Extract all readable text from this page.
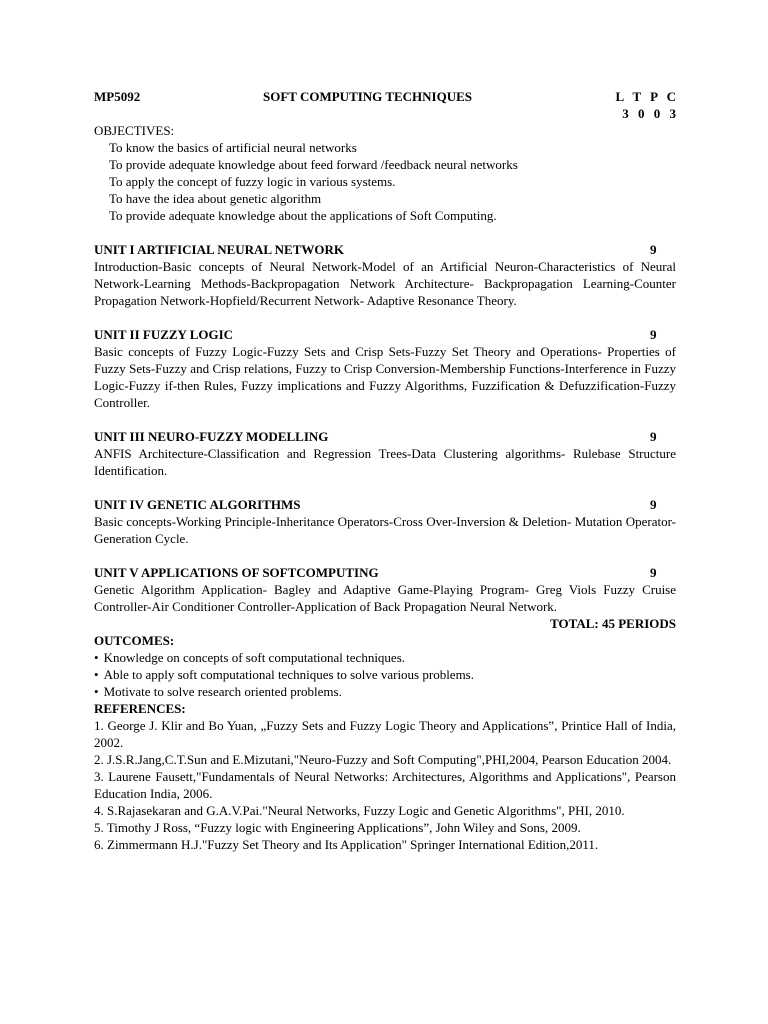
MP5092	SOFT COMPUTING TECHNIQUES	L T P C
3 0 0 3
OBJECTIVES:
To know the basics of artificial neural networks
To provide adequate knowledge about feed forward /feedback neural networks
To apply the concept of fuzzy logic in various systems.
To have the idea about genetic algorithm
To provide adequate knowledge about the applications of Soft Computing.
UNIT I ARTIFICIAL NEURAL NETWORK	9
Introduction-Basic concepts of Neural Network-Model of an Artificial Neuron-Characteristics of Neural Network-Learning Methods-Backpropagation Network Architecture- Backpropagation Learning-Counter Propagation Network-Hopfield/Recurrent Network- Adaptive Resonance Theory.
UNIT II FUZZY LOGIC	9
Basic concepts of Fuzzy Logic-Fuzzy Sets and Crisp Sets-Fuzzy Set Theory and Operations- Properties of Fuzzy Sets-Fuzzy and Crisp relations, Fuzzy to Crisp Conversion-Membership Functions-Interference in Fuzzy Logic-Fuzzy if-then Rules, Fuzzy implications and Fuzzy Algorithms, Fuzzification & Defuzzification-Fuzzy Controller.
UNIT III NEURO-FUZZY MODELLING	9
ANFIS Architecture-Classification and Regression Trees-Data Clustering algorithms- Rulebase Structure Identification.
UNIT IV GENETIC ALGORITHMS	9
Basic concepts-Working Principle-Inheritance Operators-Cross Over-Inversion & Deletion- Mutation Operator-Generation Cycle.
UNIT V APPLICATIONS OF SOFTCOMPUTING	9
Genetic Algorithm Application- Bagley and Adaptive Game-Playing Program- Greg Viols Fuzzy Cruise Controller-Air Conditioner Controller-Application of Back Propagation Neural Network.
TOTAL: 45 PERIODS
OUTCOMES:
• Knowledge on concepts of soft computational techniques.
• Able to apply soft computational techniques to solve various problems.
• Motivate to solve research oriented problems.
REFERENCES:
1. George J. Klir and Bo Yuan, „Fuzzy Sets and Fuzzy Logic Theory and Applications‟, Printice Hall of India, 2002.
2. J.S.R.Jang,C.T.Sun and E.Mizutani,"Neuro-Fuzzy and Soft Computing",PHI,2004, Pearson Education 2004.
3. Laurene Fausett,"Fundamentals of Neural Networks: Architectures, Algorithms and Applications", Pearson Education India, 2006.
4. S.Rajasekaran and G.A.V.Pai."Neural Networks, Fuzzy Logic and Genetic Algorithms", PHI, 2010.
5. Timothy J Ross, “Fuzzy logic with Engineering Applications”, John Wiley and Sons, 2009.
6. Zimmermann H.J."Fuzzy Set Theory and Its Application" Springer International Edition,2011.
